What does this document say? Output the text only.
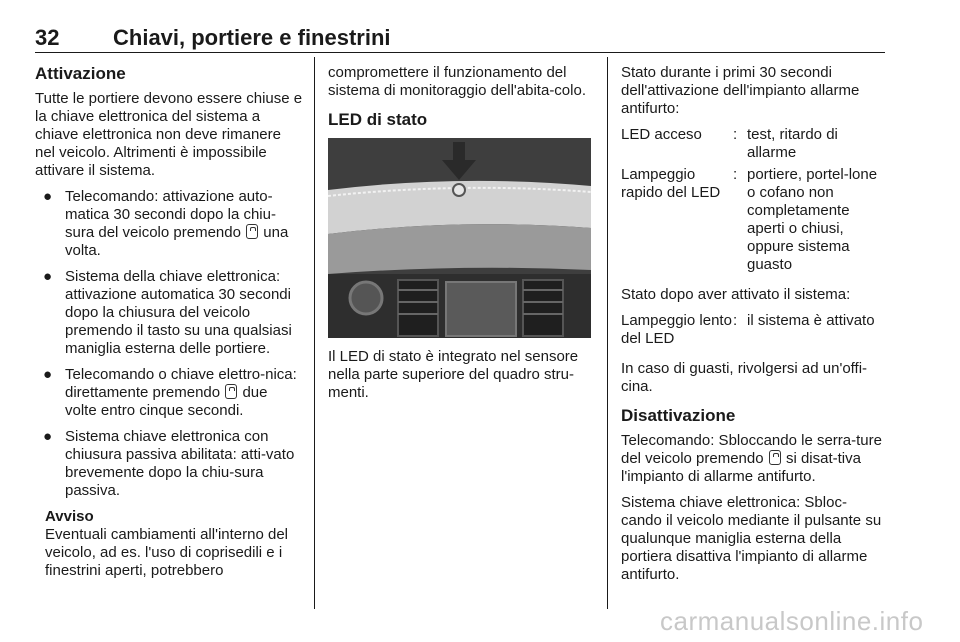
32 Chiavi, portiere e finestrini
Attivazione

Tutte le portiere devono essere chiuse e la chiave elettronica del sistema a chiave elettronica non deve rimanere nel veicolo. Altrimenti è impossibile attivare il sistema.

● Telecomando: attivazione auto-matica 30 secondi dopo la chiu-sura del veicolo premendo una volta.
● Sistema della chiave elettronica: attivazione automatica 30 secondi dopo la chiusura del veicolo premendo il tasto su una qualsiasi maniglia esterna delle portiere.
● Telecomando o chiave elettro-nica: direttamente premendo due volte entro cinque secondi.
● Sistema chiave elettronica con chiusura passiva abilitata: atti-vato brevemente dopo la chiu-sura passiva.
Avviso
Eventuali cambiamenti all'interno del veicolo, ad es. l'uso di coprisedili e i finestrini aperti, potrebbero

compromettere il funzionamento del sistema di monitoraggio dell'abita-colo.

LED di stato

Il LED di stato è integrato nel sensore nella parte superiore del quadro stru-menti.

Stato durante i primi 30 secondi dell'attivazione dell'impianto allarme antifurto:

LED acceso	: test, ritardo di allarme
Lampeggio rapido del LED
: portiere, portel-lone o cofano non completamente aperti o chiusi, oppure sistema guasto

Stato dopo aver attivato il sistema:

Lampeggio lento del LED
: il sistema è attivato

In caso di guasti, rivolgersi ad un'offi-cina.

Disattivazione

Telecomando: Sbloccando le serra-ture del veicolo premendo si disat-tiva l'impianto di allarme antifurto.

Sistema chiave elettronica: Sbloc-cando il veicolo mediante il pulsante su qualunque maniglia esterna della portiera disattiva l'impianto di allarme antifurto.

carmanualsonline.info
